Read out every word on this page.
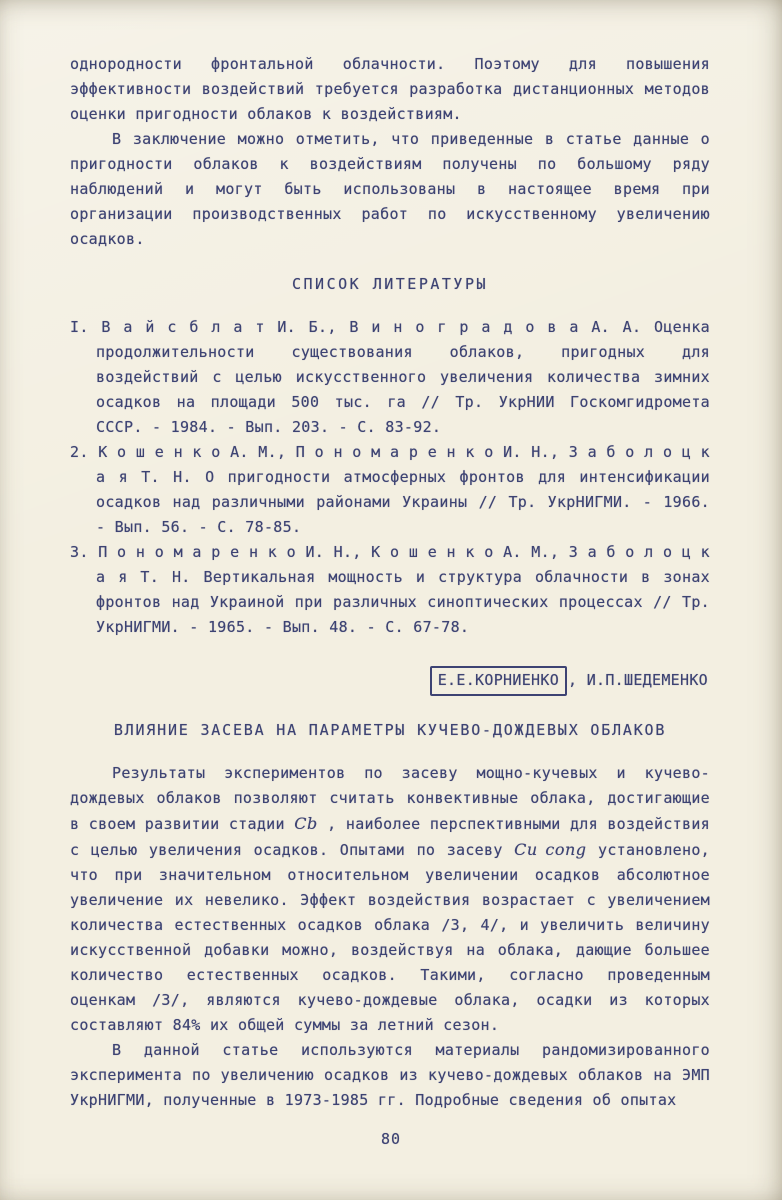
однородности фронтальной облачности. Поэтому для повышения эффективности воздействий требуется разработка дистанционных методов оценки пригодности облаков к воздействиям.

В заключение можно отметить, что приведенные в статье данные о пригодности облаков к воздействиям получены по большому ряду наблюдений и могут быть использованы в настоящее время при организации производственных работ по искусственному увеличению осадков.

СПИСОК ЛИТЕРАТУРЫ

I. В а й с б л а т И. Б., В и н о г р а д о в а А. А. Оценка продолжительности существования облаков, пригодных для воздействий с целью искусственного увеличения количества зимних осадков на площади 500 тыс. га // Тр. УкрНИИ Госкомгидромета СССР. - 1984. - Вып. 203. - С. 83-92.

2. К о ш е н к о А. М., П о н о м а р е н к о И. Н., З а б о л о ц к а я Т. Н. О пригодности атмосферных фронтов для интенсификации осадков над различными районами Украины // Тр. УкрНИГМИ. - 1966. - Вып. 56. - С. 78-85.

3. П о н о м а р е н к о И. Н., К о ш е н к о А. М., З а б о л о ц к а я Т. Н. Вертикальная мощность и структура облачности в зонах фронтов над Украиной при различных синоптических процессах // Тр. УкрНИГМИ. - 1965. - Вып. 48. - С. 67-78.

Е.Е.КОРНИЕНКО , И.П.ШЕДЕМЕНКО
ВЛИЯНИЕ ЗАСЕВА НА ПАРАМЕТРЫ КУЧЕВО-ДОЖДЕВЫХ ОБЛАКОВ

Результаты экспериментов по засеву мощно-кучевых и кучево-дождевых облаков позволяют считать конвективные облака, достигающие в своем развитии стадии Cb , наиболее перспективными для воздействия с целью увеличения осадков. Опытами по засеву Cu cong установлено, что при значительном относительном увеличении осадков абсолютное увеличение их невелико. Эффект воздействия возрастает с увеличением количества естественных осадков облака /3, 4/, и увеличить величину искусственной добавки можно, воздействуя на облака, дающие большее количество естественных осадков. Такими, согласно проведенным оценкам /3/, являются кучево-дождевые облака, осадки из которых составляют 84% их общей суммы за летний сезон.

В данной статье используются материалы рандомизированного эксперимента по увеличению осадков из кучево-дождевых облаков на ЭМП УкрНИГМИ, полученные в 1973-1985 гг. Подробные сведения об опытах

80
